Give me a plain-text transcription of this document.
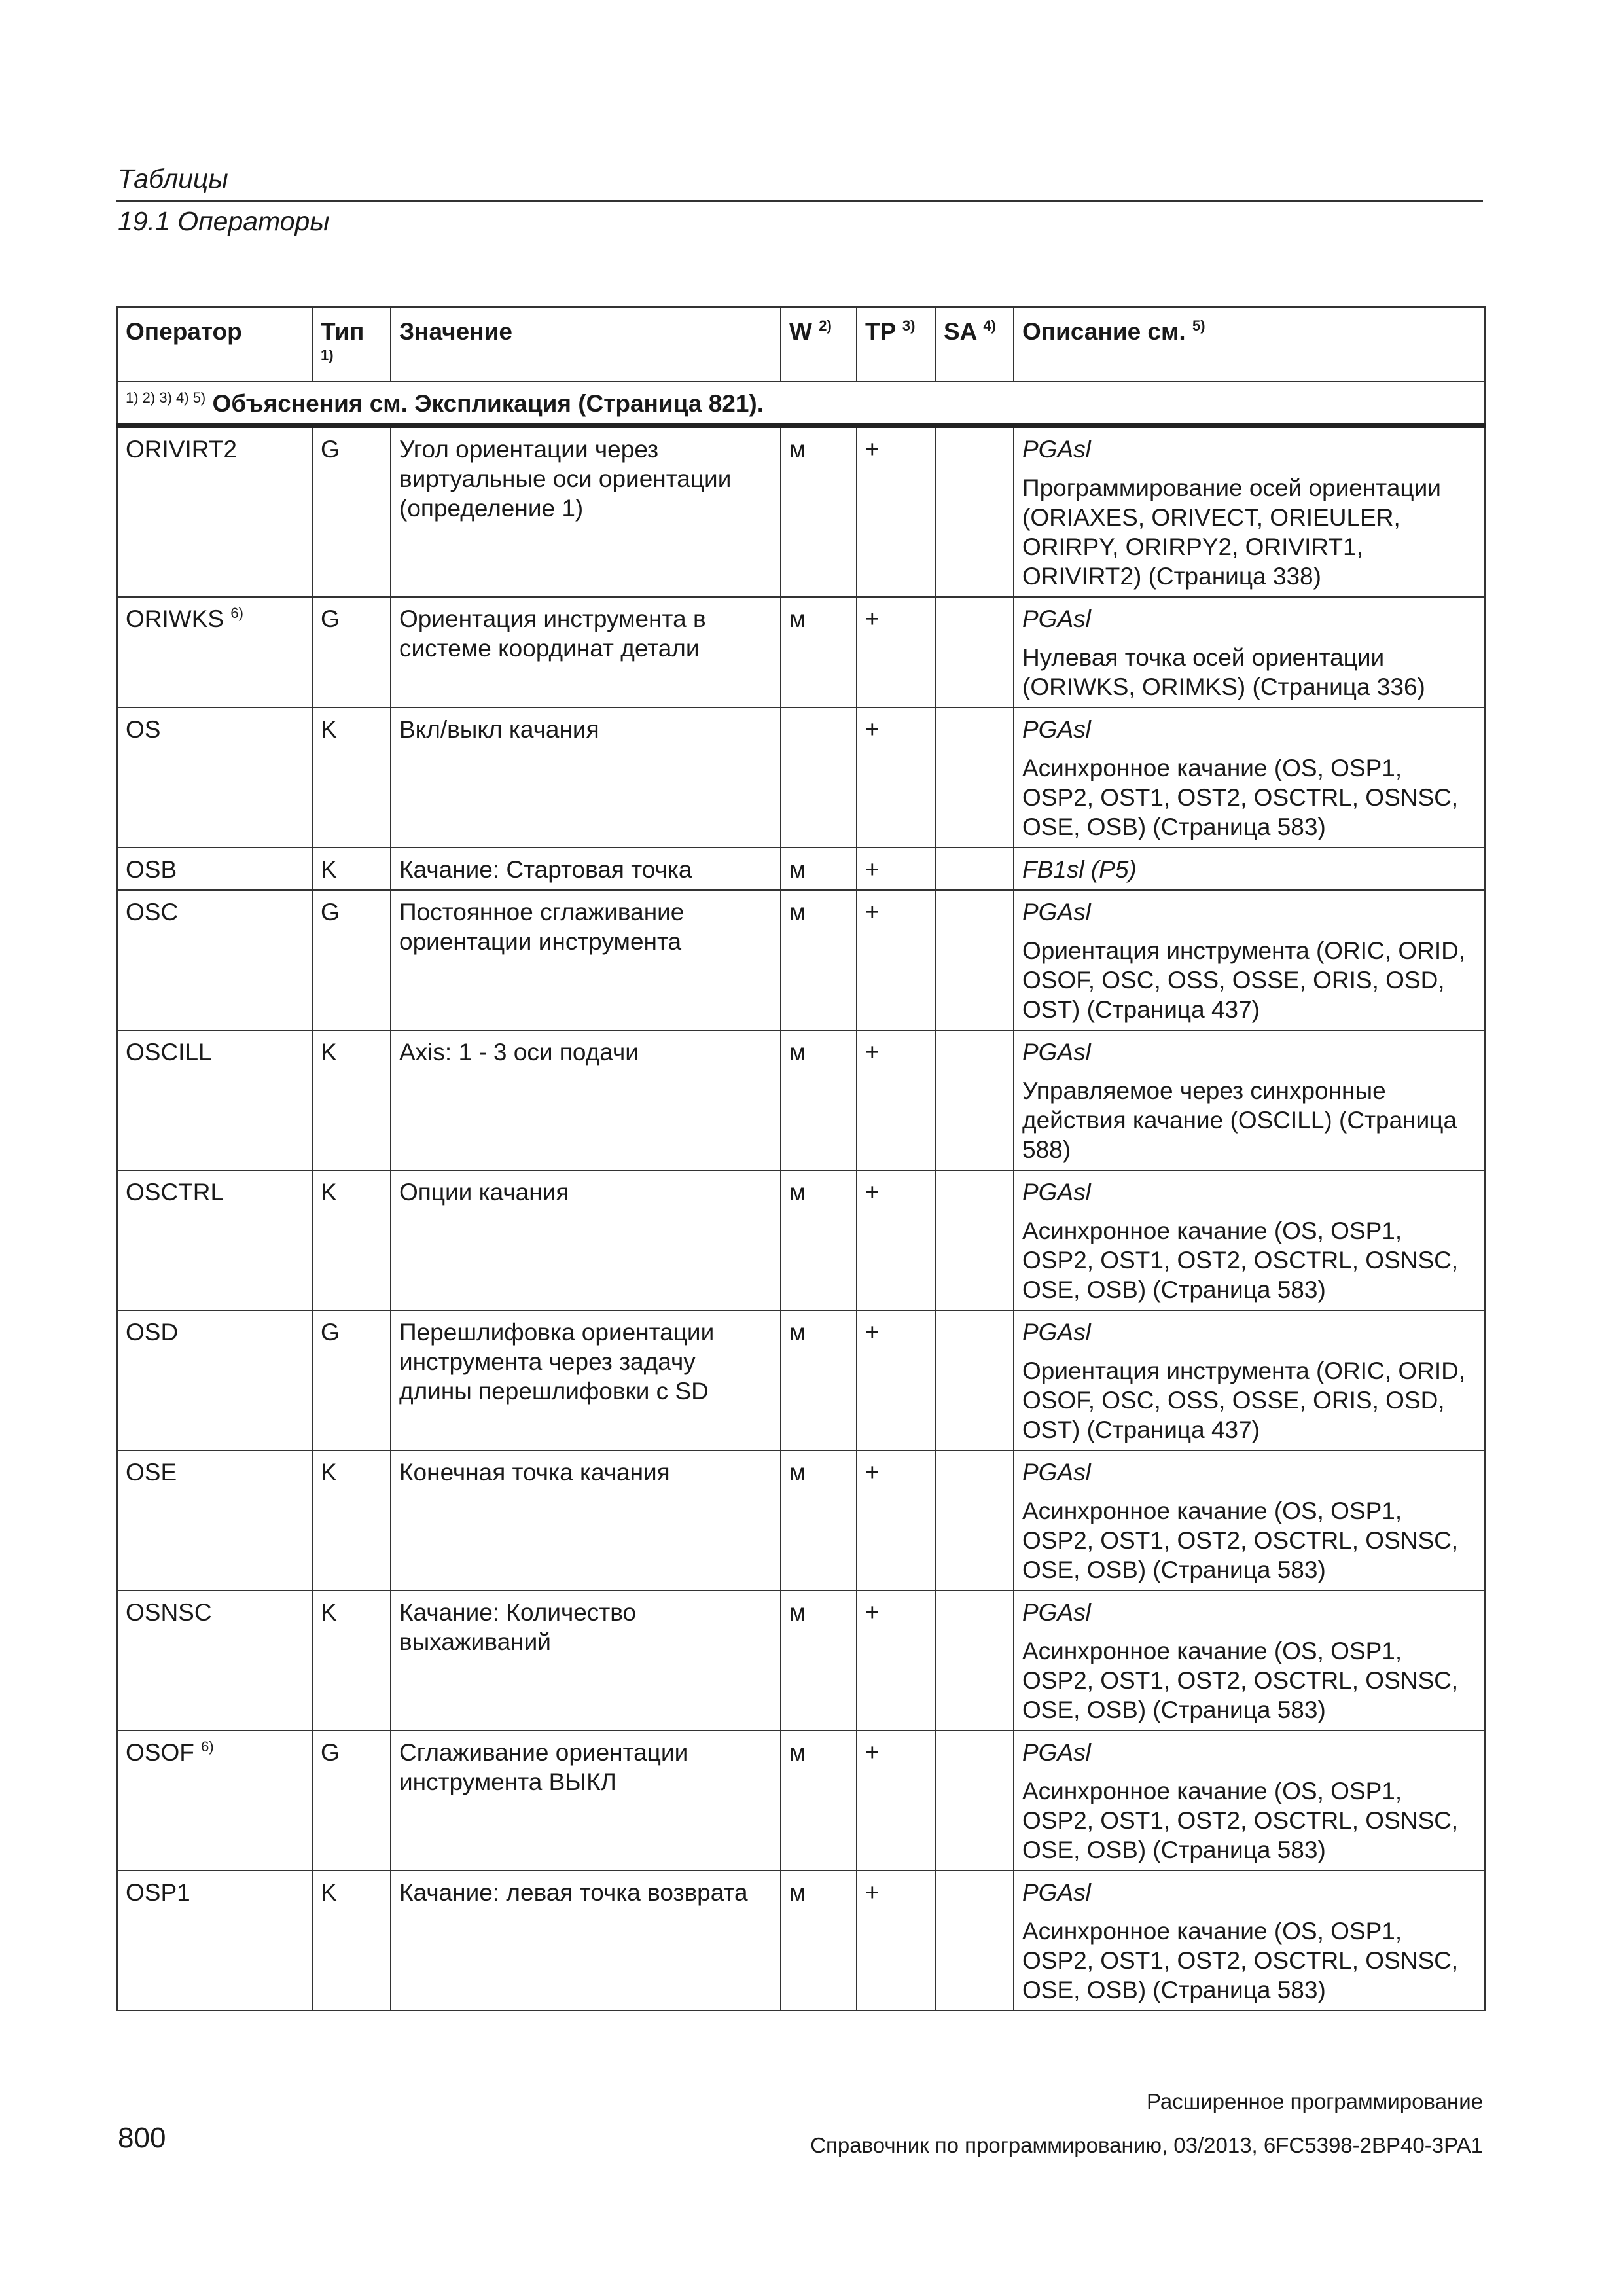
Таблицы
19.1 Операторы
Оператор	Тип $^{1)}$	Значение	W $^{2)}$	TP $^{3)}$	SA $^{4)}$	Описание см. $^{5)}$
$^{1) 2) 3) 4) 5)}$ Объяснения см. Экспликация (Страница 821).						
ORIVIRT2	G	Угол ориентации через виртуальные оси ориентации (определение 1)	м	+		PGAsl
Программирование осей ориентации (ORIAXES, ORIVECT, ORIEULER, ORIRPY, ORIRPY2, ORIVIRT1, ORIVIRT2) (Страница 338)

ORIWKS $^{6)}$	G	Ориентация инструмента в системе координат детали	м	+		PGAsl
Нулевая точка осей ориентации (ORIWKS, ORIMKS) (Страница 336)

OS	K	Вкл/выкл качания		+		PGAsl
Асинхронное качание (OS, OSP1, OSP2, OST1, OST2, OSCTRL, OSNSC, OSE, OSB) (Страница 583)

OSB	K	Качание: Стартовая точка	м	+		FB1sl (P5)

OSC	G	Постоянное сглаживание ориентации инструмента	м	+		PGAsl
Ориентация инструмента (ORIC, ORID, OSOF, OSC, OSS, OSSE, ORIS, OSD, OST) (Страница 437)

OSCILL	K	Axis: 1 - 3 оси подачи	м	+		PGAsl
Управляемое через синхронные действия качание (OSCILL) (Страница 588)

OSCTRL	K	Опции качания	м	+		PGAsl
Асинхронное качание (OS, OSP1, OSP2, OST1, OST2, OSCTRL, OSNSC, OSE, OSB) (Страница 583)

OSD	G	Перешлифовка ориентации инструмента через задачу длины перешлифовки с SD	м	+		PGAsl
Ориентация инструмента (ORIC, ORID, OSOF, OSC, OSS, OSSE, ORIS, OSD, OST) (Страница 437)

OSE	K	Конечная точка качания	м	+		PGAsl
Асинхронное качание (OS, OSP1, OSP2, OST1, OST2, OSCTRL, OSNSC, OSE, OSB) (Страница 583)

OSNSC	K	Качание: Количество выхаживаний	м	+		PGAsl
Асинхронное качание (OS, OSP1, OSP2, OST1, OST2, OSCTRL, OSNSC, OSE, OSB) (Страница 583)

OSOF $^{6)}$	G	Сглаживание ориентации инструмента ВЫКЛ	м	+		PGAsl
Асинхронное качание (OS, OSP1, OSP2, OST1, OST2, OSCTRL, OSNSC, OSE, OSB) (Страница 583)

OSP1	K	Качание: левая точка возврата	м	+		PGAsl
Асинхронное качание (OS, OSP1, OSP2, OST1, OST2, OSCTRL, OSNSC, OSE, OSB) (Страница 583)
Расширенное программирование
800	Справочник по программированию, 03/2013, 6FC5398-2BP40-3PA1
